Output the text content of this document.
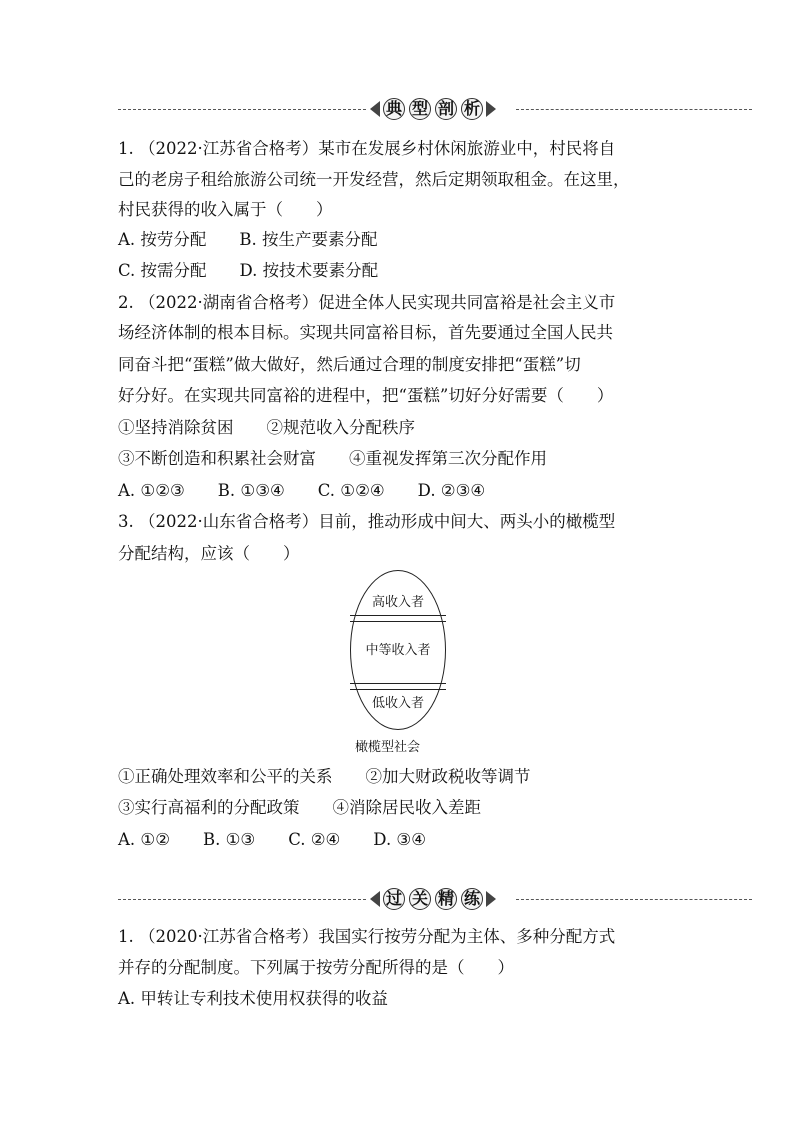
典 型 剖 析
1. （2022·江苏省合格考）某市在发展乡村休闲旅游业中，村民将自
己的老房子租给旅游公司统一开发经营，然后定期领取租金。在这里，
村民获得的收入属于（　　）
A. 按劳分配　　B. 按生产要素分配
C. 按需分配　　D. 按技术要素分配
2. （2022·湖南省合格考）促进全体人民实现共同富裕是社会主义市
场经济体制的根本目标。实现共同富裕目标，首先要通过全国人民共
同奋斗把“蛋糕”做大做好，然后通过合理的制度安排把“蛋糕”切
好分好。在实现共同富裕的进程中，把“蛋糕”切好分好需要（　　）
①坚持消除贫困　　②规范收入分配秩序
③不断创造和积累社会财富　　④重视发挥第三次分配作用
A. ①②③　　B. ①③④　　C. ①②④　　D. ②③④
3. （2022·山东省合格考）目前，推动形成中间大、两头小的橄榄型
分配结构，应该（　　）
高收入者
中等收入者
低收入者
橄榄型社会
①正确处理效率和公平的关系　　②加大财政税收等调节
③实行高福利的分配政策　　④消除居民收入差距
A. ①②　　B. ①③　　C. ②④　　D. ③④
过 关 精 练
1. （2020·江苏省合格考）我国实行按劳分配为主体、多种分配方式
并存的分配制度。下列属于按劳分配所得的是（　　）
A. 甲转让专利技术使用权获得的收益
